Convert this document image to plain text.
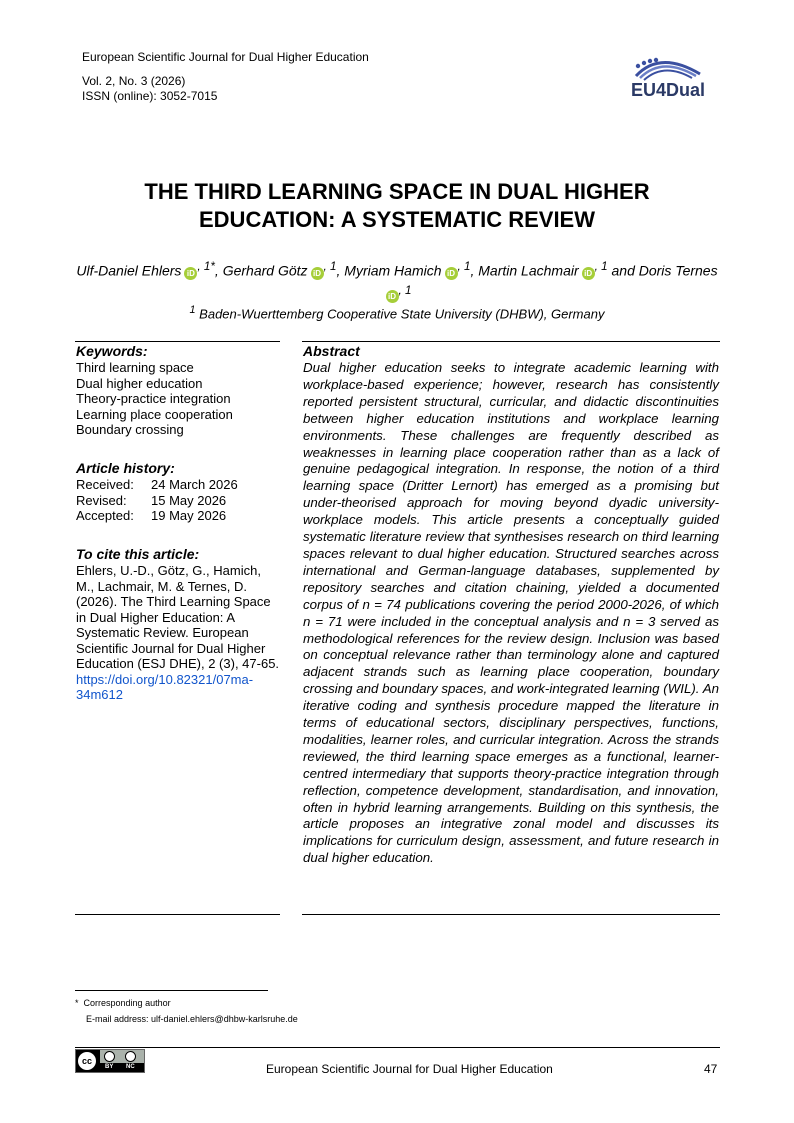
European Scientific Journal for Dual Higher Education
Vol. 2, No. 3 (2026)
ISSN (online): 3052-7015	EU4Dual
THE THIRD LEARNING SPACE IN DUAL HIGHER
EDUCATION: A SYSTEMATIC REVIEW
Ulf-Daniel Ehlers $iD^{, 1*}$, Gerhard Götz $iD^{, 1}$, Myriam Hamich $iD^{, 1}$, Martin Lachmair $iD^{, 1}$ and Doris TernesiD$^{, 1}$
$^1$ Baden-Wuerttemberg Cooperative State University (DHBW), Germany
Keywords:
Third learning space
Dual higher education
Theory-practice integration
Learning place cooperation
Boundary crossing
Article history:
Received:	24 March 2026
Revised:	15 May 2026
Accepted:	19 May 2026
To cite this article:
Ehlers, U.-D., Götz, G., Hamich, M., Lachmair, M. & Ternes, D. (2026). The Third Learning Space in Dual Higher Education: A Systematic Review. European Scientific Journal for Dual Higher Education (ESJ DHE), 2 (3), 47-65. https://doi.org/10.82321/07ma-34m612
Abstract
Dual higher education seeks to integrate academic learning with workplace-based experience; however, research has consistently reported persistent structural, curricular, and didactic discontinuities between higher education institutions and workplace learning environments. These challenges are frequently described as weaknesses in learning place cooperation rather than as a lack of genuine pedagogical integration. In response, the notion of a third learning space (Dritter Lernort) has emerged as a promising but under-theorised approach for moving beyond dyadic university-workplace models. This article presents a conceptually guided systematic literature review that synthesises research on third learning spaces relevant to dual higher education. Structured searches across international and German-language databases, supplemented by repository searches and citation chaining, yielded a documented corpus of n = 74 publications covering the period 2000-2026, of which n = 71 were included in the conceptual analysis and n = 3 served as methodological references for the review design. Inclusion was based on conceptual relevance rather than terminology alone and captured adjacent strands such as learning place cooperation, boundary crossing and boundary spaces, and work-integrated learning (WIL). An iterative coding and synthesis procedure mapped the literature in terms of educational sectors, disciplinary perspectives, functions, modalities, learner roles, and curricular integration. Across the strands reviewed, the third learning space emerges as a functional, learner-centred intermediary that supports theory-practice integration through reflection, competence development, standardisation, and innovation, often in hybrid learning arrangements. Building on this synthesis, the article proposes an integrative zonal model and discusses its implications for curriculum design, assessment, and future research in dual higher education.
* Corresponding author
E-mail address: ulf-daniel.ehlers@dhbw-karlsruhe.de
cc
BY NC	European Scientific Journal for Dual Higher Education	47
